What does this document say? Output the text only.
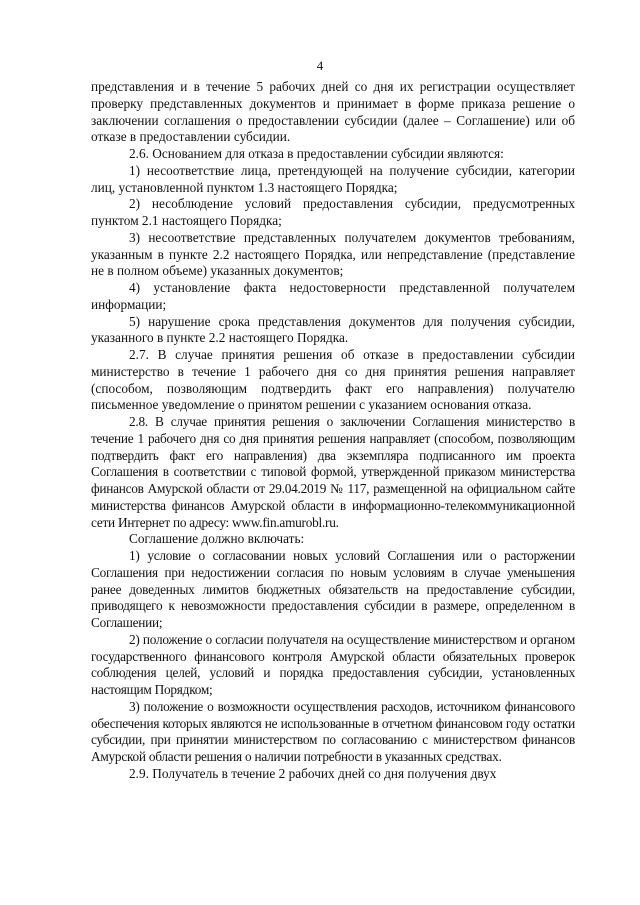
4

представления и в течение 5 рабочих дней со дня их регистрации осуществляет проверку представленных документов и принимает в форме приказа решение о заключении соглашения о предоставлении субсидии (далее – Соглашение) или об отказе в предоставлении субсидии.

2.6. Основанием для отказа в предоставлении субсидии являются:

1) несоответствие лица, претендующей на получение субсидии, категории лиц, установленной пунктом 1.3 настоящего Порядка;

2) несоблюдение условий предоставления субсидии, предусмотренных пунктом 2.1 настоящего Порядка;

3) несоответствие представленных получателем документов требованиям, указанным в пункте 2.2 настоящего Порядка, или непредставление (представление не в полном объеме) указанных документов;

4) установление факта недостоверности представленной получателем информации;

5) нарушение срока представления документов для получения субсидии, указанного в пункте 2.2 настоящего Порядка.

2.7. В случае принятия решения об отказе в предоставлении субсидии министерство в течение 1 рабочего дня со дня принятия решения направляет (способом, позволяющим подтвердить факт его направления) получателю письменное уведомление о принятом решении с указанием основания отказа.

2.8. В случае принятия решения о заключении Соглашения министерство в течение 1 рабочего дня со дня принятия решения направляет (способом, позволяющим подтвердить факт его направления) два экземпляра подписанного им проекта Соглашения в соответствии с типовой формой, утвержденной приказом министерства финансов Амурской области от 29.04.2019 № 117, размещенной на официальном сайте министерства финансов Амурской области в информационно-телекоммуникационной сети Интернет по адресу: www.fin.amurobl.ru.

Соглашение должно включать:

1) условие о согласовании новых условий Соглашения или о расторжении Соглашения при недостижении согласия по новым условиям в случае уменьшения ранее доведенных лимитов бюджетных обязательств на предоставление субсидии, приводящего к невозможности предоставления субсидии в размере, определенном в Соглашении;

2) положение о согласии получателя на осуществление министерством и органом государственного финансового контроля Амурской области обязательных проверок соблюдения целей, условий и порядка предоставления субсидии, установленных настоящим Порядком;

3) положение о возможности осуществления расходов, источником финансового обеспечения которых являются не использованные в отчетном финансовом году остатки субсидии, при принятии министерством по согласованию с министерством финансов Амурской области решения о наличии потребности в указанных средствах.

2.9. Получатель в течение 2 рабочих дней со дня получения двух
